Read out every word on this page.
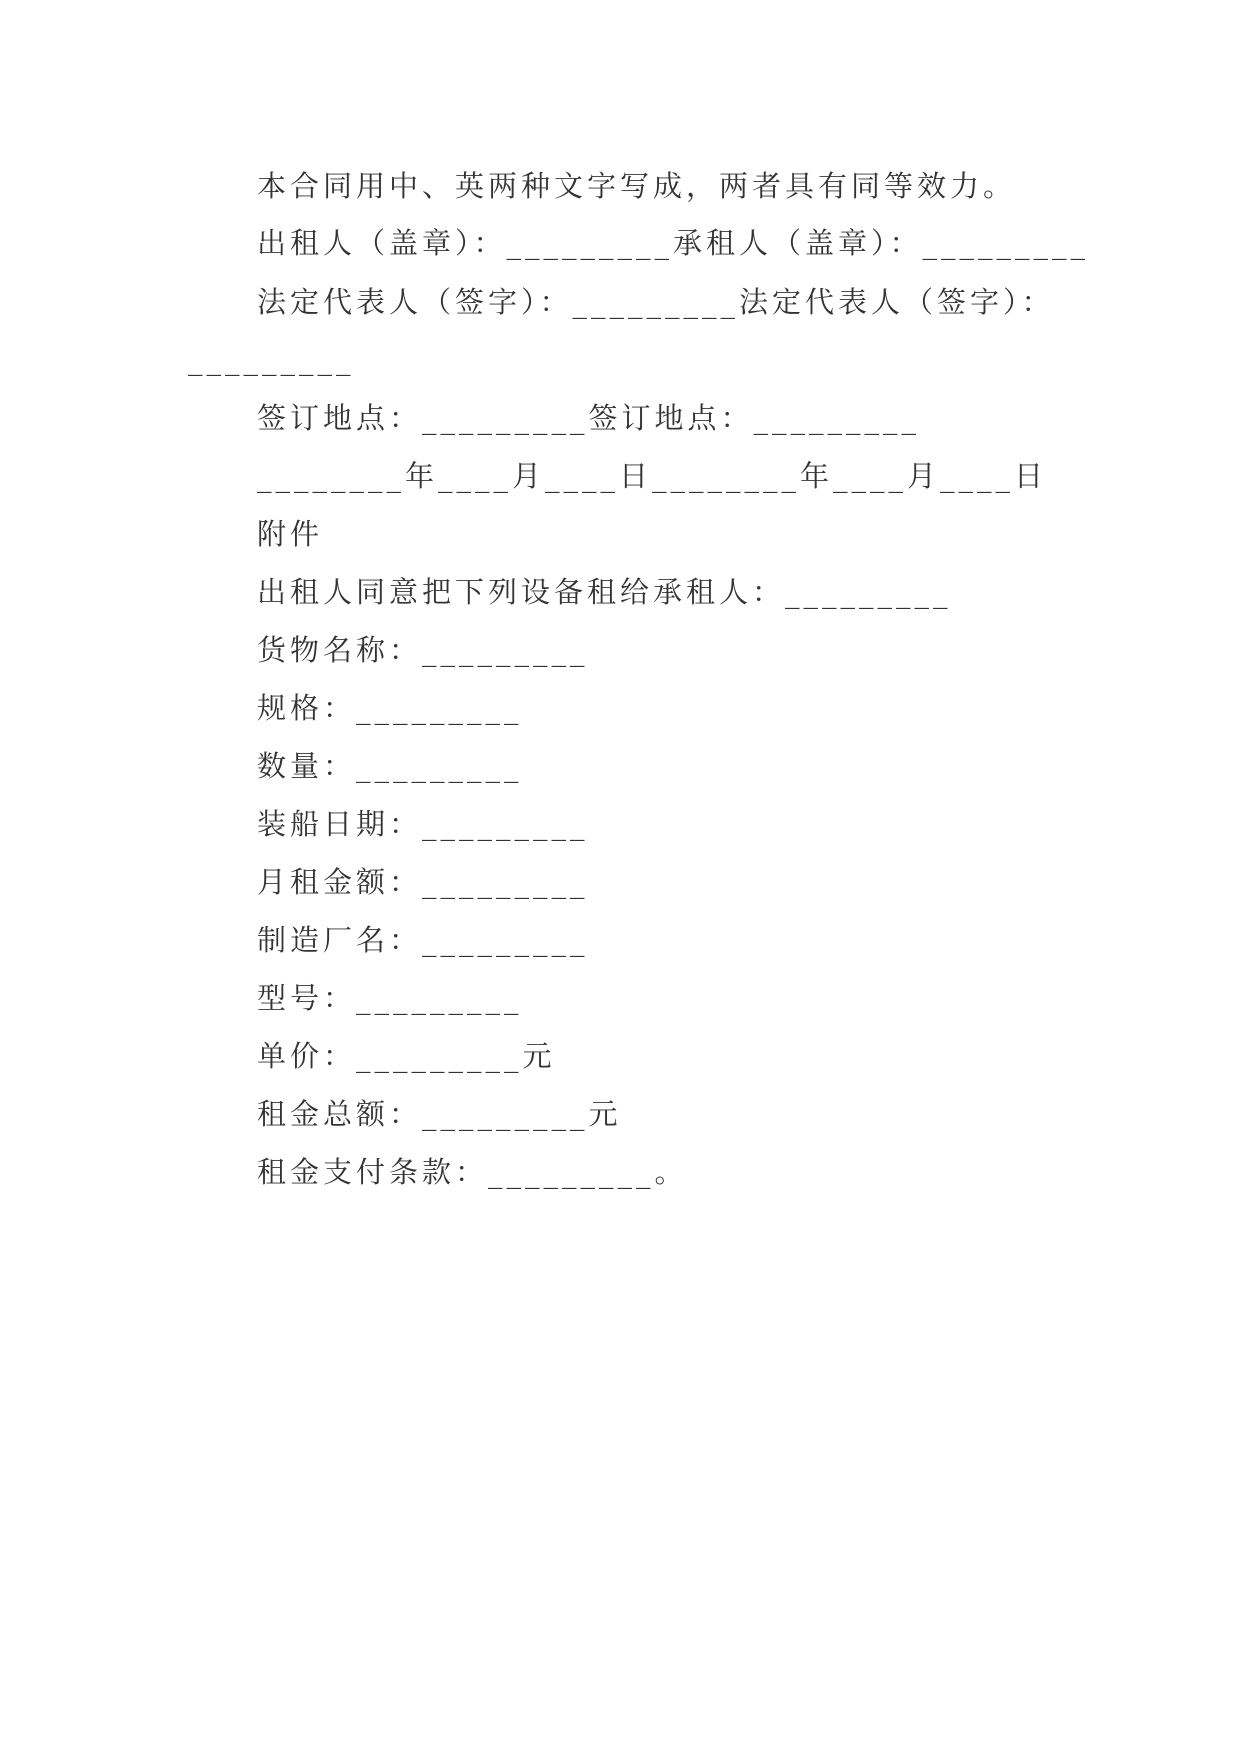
本合同用中、英两种文字写成，两者具有同等效力。
出租人（盖章）：_________承租人（盖章）：_________
法定代表人（签字）：_________法定代表人（签字）：
_________
签订地点：_________签订地点：_________
________年____月____日________年____月____日
附件
出租人同意把下列设备租给承租人：_________
货物名称：_________
规格：_________
数量：_________
装船日期：_________
月租金额：_________
制造厂名：_________
型号：_________
单价：_________元
租金总额：_________元
租金支付条款：_________。
